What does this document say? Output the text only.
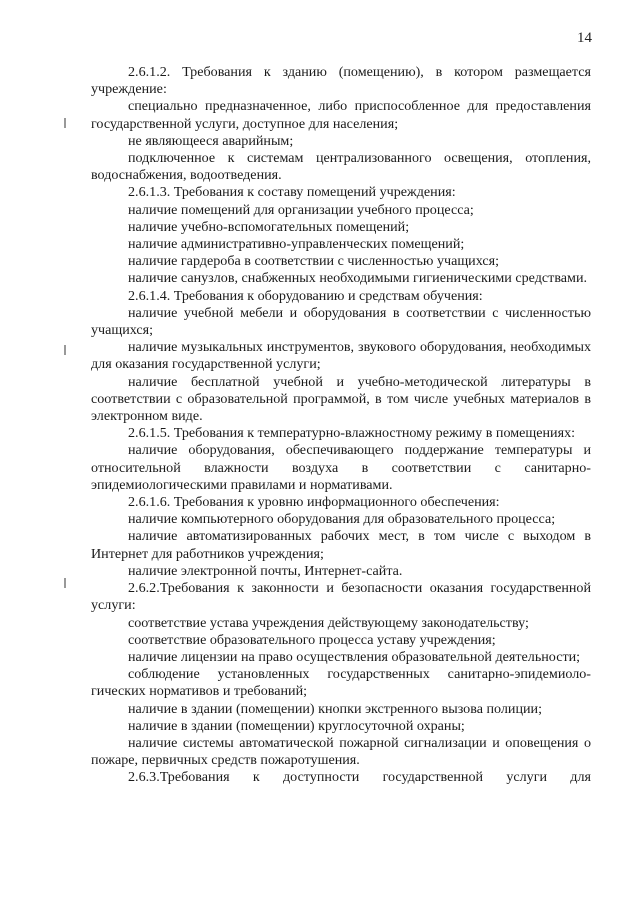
14

2.6.1.2. Требования к зданию (помещению), в котором размещается учреждение:

специально предназначенное, либо приспособленное для предоставления государственной услуги, доступное для населения;

не являющееся аварийным;

подключенное к системам централизованного освещения, отопления, водоснабжения, водоотведения.

2.6.1.3. Требования к составу помещений учреждения:

наличие помещений для организации учебного процесса;

наличие учебно-вспомогательных помещений;

наличие административно-управленческих помещений;

наличие гардероба в соответствии с численностью учащихся;

наличие санузлов, снабженных необходимыми гигиеническими средствами.

2.6.1.4. Требования к оборудованию и средствам обучения:

наличие учебной мебели и оборудования в соответствии с численностью учащихся;

наличие музыкальных инструментов, звукового оборудования, необходимых для оказания государственной услуги;

наличие бесплатной учебной и учебно-методической литературы в соответствии с образовательной программой, в том числе учебных материалов в электронном виде.

2.6.1.5. Требования к температурно-влажностному режиму в помещениях:

наличие оборудования, обеспечивающего поддержание температуры и относительной влажности воздуха в соответствии с санитарно-эпидемиологическими правилами и нормативами.

2.6.1.6. Требования к уровню информационного обеспечения:

наличие компьютерного оборудования для образовательного процесса;

наличие автоматизированных рабочих мест, в том числе с выходом в Интернет для работников учреждения;

наличие электронной почты, Интернет-сайта.

2.6.2.Требования к законности и безопасности оказания государственной услуги:

соответствие устава учреждения действующему законодательству;

соответствие образовательного процесса уставу учреждения;

наличие лицензии на право осуществления образовательной деятельности;

соблюдение установленных государственных санитарно-эпидемиоло-гических нормативов и требований;

наличие в здании (помещении) кнопки экстренного вызова полиции;

наличие в здании (помещении) круглосуточной охраны;

наличие системы автоматической пожарной сигнализации и оповещения о пожаре, первичных средств пожаротушения.

2.6.3.Требования к доступности государственной услуги для
